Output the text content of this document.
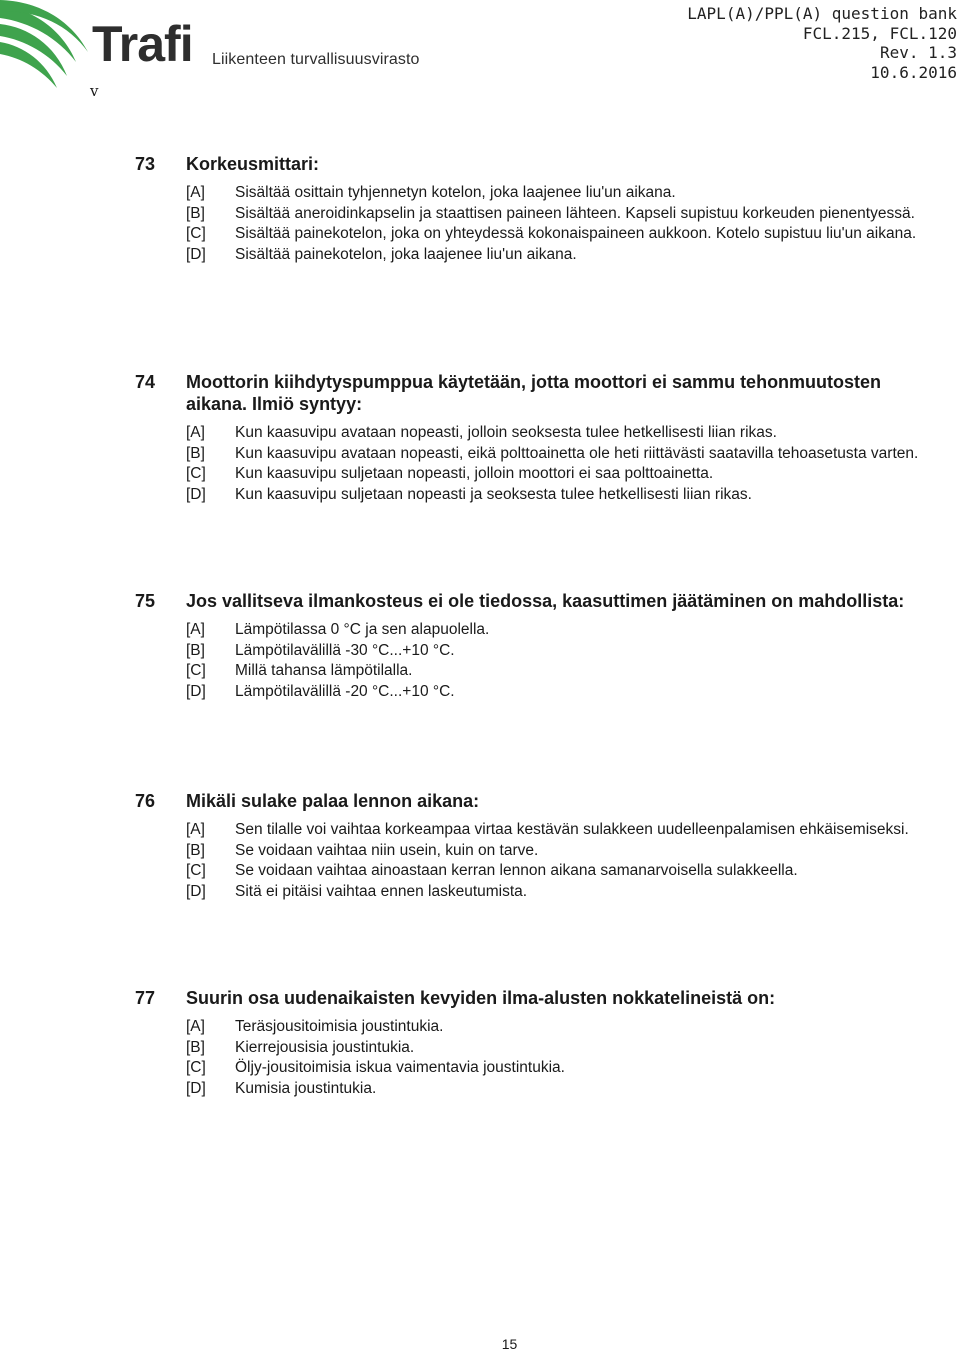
Trafi Liikenteen turvallisuusvirasto
v
LAPL(A)/PPL(A) question bank
FCL.215, FCL.120
Rev. 1.3
10.6.2016
73	Korkeusmittari:
[A]	Sisältää osittain tyhjennetyn kotelon, joka laajenee liu'un aikana.
[B]	Sisältää aneroidinkapselin ja staattisen paineen lähteen. Kapseli supistuu korkeuden pienentyessä.
[C]	Sisältää painekotelon, joka on yhteydessä kokonaispaineen aukkoon. Kotelo supistuu liu'un aikana.
[D]	Sisältää painekotelon, joka laajenee liu'un aikana.
74	Moottorin kiihdytyspumppua käytetään, jotta moottori ei sammu tehonmuutosten aikana. Ilmiö syntyy:
[A]	Kun kaasuvipu avataan nopeasti, jolloin seoksesta tulee hetkellisesti liian rikas.
[B]	Kun kaasuvipu avataan nopeasti, eikä polttoainetta ole heti riittävästi saatavilla tehoasetusta varten.
[C]	Kun kaasuvipu suljetaan nopeasti, jolloin moottori ei saa polttoainetta.
[D]	Kun kaasuvipu suljetaan nopeasti ja seoksesta tulee hetkellisesti liian rikas.
75	Jos vallitseva ilmankosteus ei ole tiedossa, kaasuttimen jäätäminen on mahdollista:
[A]	Lämpötilassa 0 °C ja sen alapuolella.
[B]	Lämpötilavälillä -30 °C...+10 °C.
[C]	Millä tahansa lämpötilalla.
[D]	Lämpötilavälillä -20 °C...+10 °C.
76	Mikäli sulake palaa lennon aikana:
[A]	Sen tilalle voi vaihtaa korkeampaa virtaa kestävän sulakkeen uudelleenpalamisen ehkäisemiseksi.
[B]	Se voidaan vaihtaa niin usein, kuin on tarve.
[C]	Se voidaan vaihtaa ainoastaan kerran lennon aikana samanarvoisella sulakkeella.
[D]	Sitä ei pitäisi vaihtaa ennen laskeutumista.
77	Suurin osa uudenaikaisten kevyiden ilma-alusten nokkatelineistä on:
[A]	Teräsjousitoimisia joustintukia.
[B]	Kierrejousisia joustintukia.
[C]	Öljy-jousitoimisia iskua vaimentavia joustintukia.
[D]	Kumisia joustintukia.
15
